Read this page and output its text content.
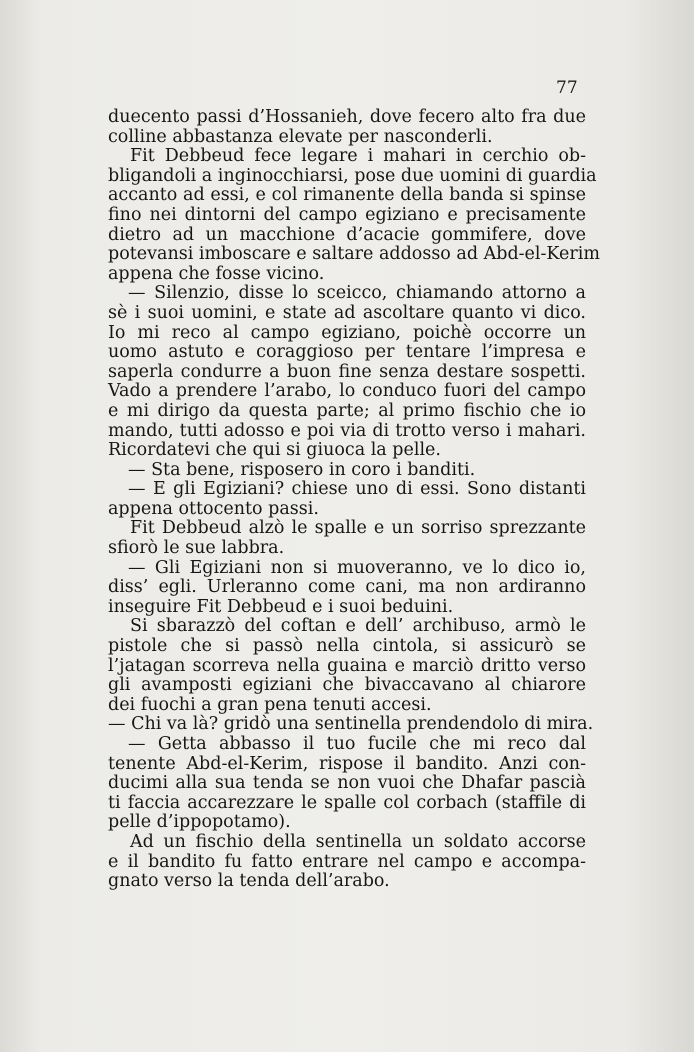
77
duecento passi d’Hossanieh, dove fecero alto fra due
colline abbastanza elevate per nasconderli.
Fit Debbeud fece legare i mahari in cerchio ob-
bligandoli a inginocchiarsi, pose due uomini di guardia
accanto ad essi, e col rimanente della banda si spinse
fino nei dintorni del campo egiziano e precisamente
dietro ad un macchione d’acacie gommifere, dove
potevansi imboscare e saltare addosso ad Abd-el-Kerim
appena che fosse vicino.
— Silenzio, disse lo sceicco, chiamando attorno a
sè i suoi uomini, e state ad ascoltare quanto vi dico.
Io mi reco al campo egiziano, poichè occorre un
uomo astuto e coraggioso per tentare l’impresa e
saperla condurre a buon fine senza destare sospetti.
Vado a prendere l’arabo, lo conduco fuori del campo
e mi dirigo da questa parte; al primo fischio che io
mando, tutti adosso e poi via di trotto verso i mahari.
Ricordatevi che qui si giuoca la pelle.
— Sta bene, risposero in coro i banditi.
— E gli Egiziani? chiese uno di essi. Sono distanti
appena ottocento passi.
Fit Debbeud alzò le spalle e un sorriso sprezzante
sfiorò le sue labbra.
— Gli Egiziani non si muoveranno, ve lo dico io,
diss’ egli. Urleranno come cani, ma non ardiranno
inseguire Fit Debbeud e i suoi beduini.
Si sbarazzò del coftan e dell’ archibuso, armò le
pistole che si passò nella cintola, si assicurò se
l’jatagan scorreva nella guaina e marciò dritto verso
gli avamposti egiziani che bivaccavano al chiarore
dei fuochi a gran pena tenuti accesi.
— Chi va là? gridò una sentinella prendendolo di mira.
— Getta abbasso il tuo fucile che mi reco dal
tenente Abd-el-Kerim, rispose il bandito. Anzi con-
ducimi alla sua tenda se non vuoi che Dhafar pascià
ti faccia accarezzare le spalle col corbach (staffile di
pelle d’ippopotamo).
Ad un fischio della sentinella un soldato accorse
e il bandito fu fatto entrare nel campo e accompa-
gnato verso la tenda dell’arabo.
